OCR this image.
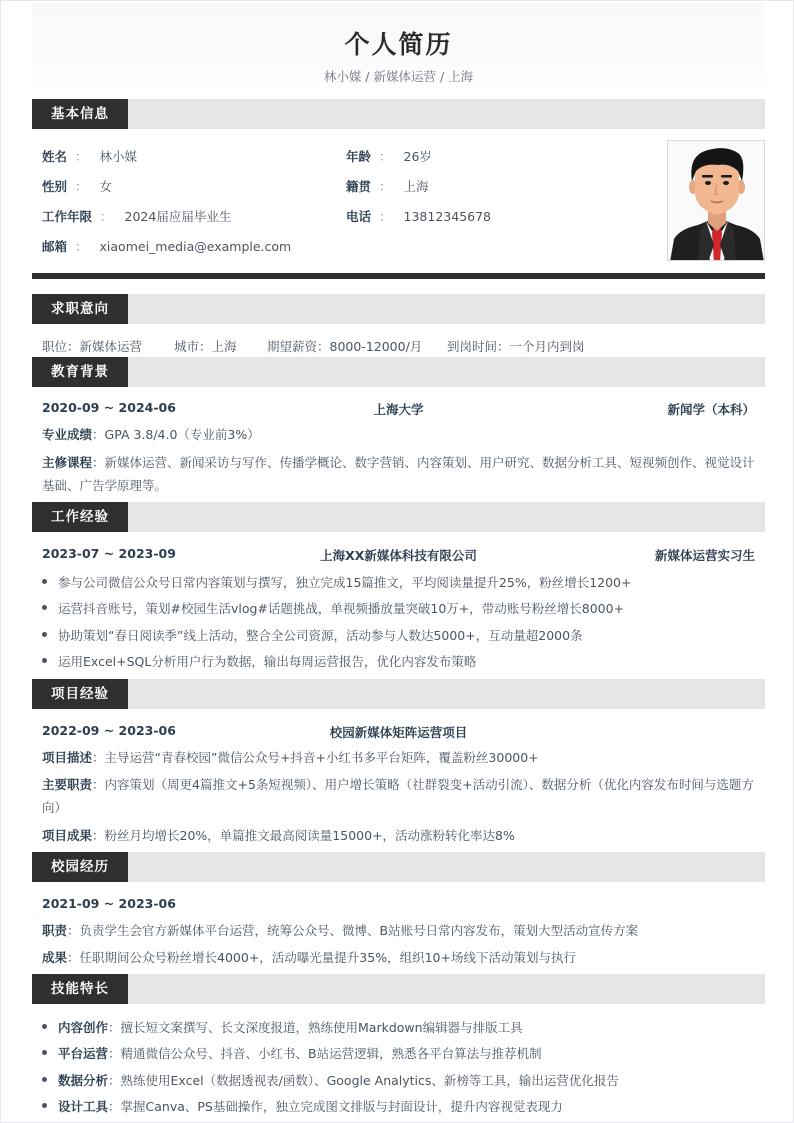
个人简历
林小媒 / 新媒体运营 / 上海
基本信息
姓名 ： 林小媒
性别 ： 女
工作年限 ： 2024届应届毕业生
邮箱 ： xiaomei_media@example.com
年龄 ： 26岁
籍贯 ： 上海
电话 ： 13812345678
求职意向
职位：新媒体运营	城市：上海 期望薪资：8000-12000/月 到岗时间：一个月内到岗
教育背景
2020-09 ~ 2024-06	上海大学	新闻学（本科）
专业成绩：GPA 3.8/4.0（专业前3%）
主修课程：新媒体运营、新闻采访与写作、传播学概论、数字营销、内容策划、用户研究、数据分析工具、短视频创作、视觉设计基础、广告学原理等。
工作经验
2023-07 ~ 2023-09	上海XX新媒体科技有限公司	新媒体运营实习生
参与公司微信公众号日常内容策划与撰写，独立完成15篇推文，平均阅读量提升25%，粉丝增长1200+
运营抖音账号，策划#校园生活vlog#话题挑战，单视频播放量突破10万+，带动账号粉丝增长8000+
协助策划“春日阅读季”线上活动，整合全公司资源，活动参与人数达5000+，互动量超2000条
运用Excel+SQL分析用户行为数据，输出每周运营报告，优化内容发布策略
项目经验
2022-09 ~ 2023-06	校园新媒体矩阵运营项目
项目描述：主导运营“青春校园”微信公众号+抖音+小红书多平台矩阵，覆盖粉丝30000+
主要职责：内容策划（周更4篇推文+5条短视频）、用户增长策略（社群裂变+活动引流）、数据分析（优化内容发布时间与选题方向）
项目成果：粉丝月均增长20%，单篇推文最高阅读量15000+，活动涨粉转化率达8%
校园经历
2021-09 ~ 2023-06
职责：负责学生会官方新媒体平台运营，统筹公众号、微博、B站账号日常内容发布，策划大型活动宣传方案
成果：任职期间公众号粉丝增长4000+，活动曝光量提升35%，组织10+场线下活动策划与执行
技能特长
内容创作：擅长短文案撰写、长文深度报道，熟练使用Markdown编辑器与排版工具
平台运营：精通微信公众号、抖音、小红书、B站运营逻辑，熟悉各平台算法与推荐机制
数据分析：熟练使用Excel（数据透视表/函数）、Google Analytics、新榜等工具，输出运营优化报告
设计工具：掌握Canva、PS基础操作，独立完成图文排版与封面设计，提升内容视觉表现力
